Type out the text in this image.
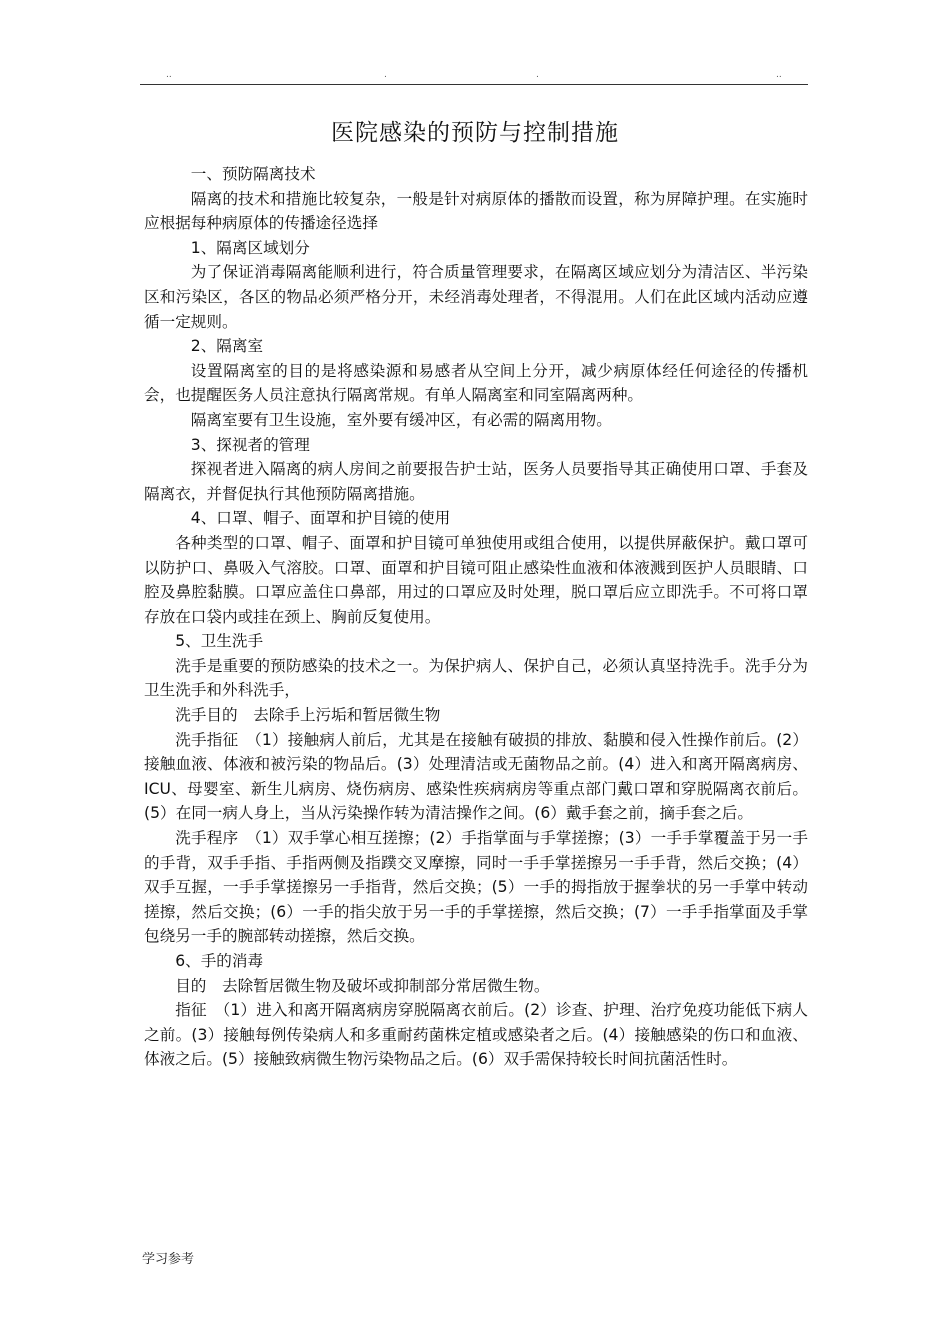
..	.	.	..
医院感染的预防与控制措施

一、预防隔离技术

隔离的技术和措施比较复杂，一般是针对病原体的播散而设置，称为屏障护理。在实施时应根据每种病原体的传播途径选择

1、隔离区域划分

为了保证消毒隔离能顺利进行，符合质量管理要求，在隔离区域应划分为清洁区、半污染区和污染区，各区的物品必须严格分开，未经消毒处理者，不得混用。人们在此区域内活动应遵循一定规则。

2、隔离室

设置隔离室的目的是将感染源和易感者从空间上分开，减少病原体经任何途径的传播机会，也提醒医务人员注意执行隔离常规。有单人隔离室和同室隔离两种。

隔离室要有卫生设施，室外要有缓冲区，有必需的隔离用物。

3、探视者的管理

探视者进入隔离的病人房间之前要报告护士站，医务人员要指导其正确使用口罩、手套及隔离衣，并督促执行其他预防隔离措施。

4、口罩、帽子、面罩和护目镜的使用

各种类型的口罩、帽子、面罩和护目镜可单独使用或组合使用，以提供屏蔽保护。戴口罩可以防护口、鼻吸入气溶胶。口罩、面罩和护目镜可阻止感染性血液和体液溅到医护人员眼睛、口腔及鼻腔黏膜。口罩应盖住口鼻部，用过的口罩应及时处理，脱口罩后应立即洗手。不可将口罩存放在口袋内或挂在颈上、胸前反复使用。

5、卫生洗手

洗手是重要的预防感染的技术之一。为保护病人、保护自己，必须认真坚持洗手。洗手分为卫生洗手和外科洗手，

洗手目的　去除手上污垢和暂居微生物

洗手指征　（1）接触病人前后，尤其是在接触有破损的排放、黏膜和侵入性操作前后。(2）接触血液、体液和被污染的物品后。(3）处理清洁或无菌物品之前。(4）进入和离开隔离病房、ICU、母婴室、新生儿病房、烧伤病房、感染性疾病病房等重点部门戴口罩和穿脱隔离衣前后。(5）在同一病人身上，当从污染操作转为清洁操作之间。(6）戴手套之前，摘手套之后。

洗手程序　（1）双手掌心相互搓擦；(2）手指掌面与手掌搓擦；(3）一手手掌覆盖于另一手的手背，双手手指、手指两侧及指蹼交叉摩擦，同时一手手掌搓擦另一手手背，然后交换；(4）双手互握，一手手掌搓擦另一手指背，然后交换；(5）一手的拇指放于握拳状的另一手掌中转动搓擦，然后交换；(6）一手的指尖放于另一手的手掌搓擦，然后交换；(7）一手手指掌面及手掌包绕另一手的腕部转动搓擦，然后交换。

6、手的消毒

目的　去除暂居微生物及破坏或抑制部分常居微生物。

指征　（1）进入和离开隔离病房穿脱隔离衣前后。(2）诊查、护理、治疗免疫功能低下病人之前。(3）接触每例传染病人和多重耐药菌株定植或感染者之后。(4）接触感染的伤口和血液、体液之后。(5）接触致病微生物污染物品之后。(6）双手需保持较长时间抗菌活性时。

学习参考
